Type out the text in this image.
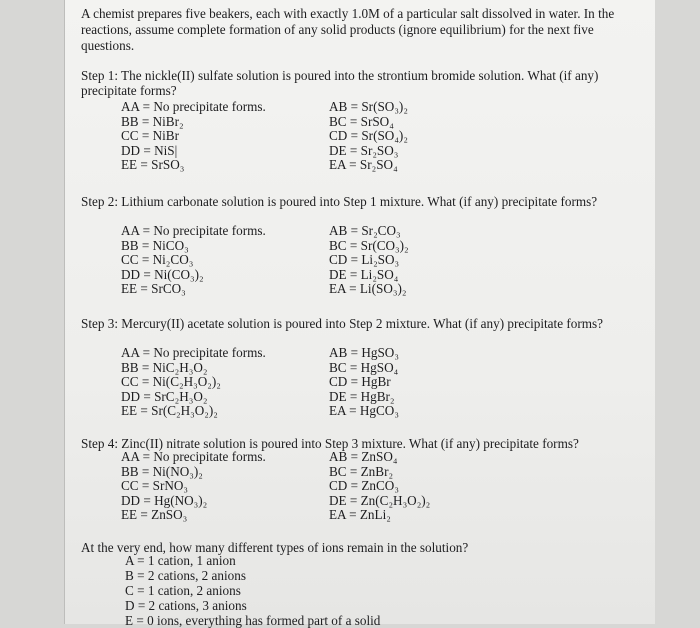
A chemist prepares five beakers, each with exactly 1.0M of a particular salt dissolved in water. In the reactions, assume complete formation of any solid products (ignore equilibrium) for the next five questions.
Step 1: The nickle(II) sulfate solution is poured into the strontium bromide solution. What (if any) precipitate forms?
AA = No precipitate forms.
BB = NiBr₂
CC = NiBr
DD = NiS|
EE = SrSO₃
AB = Sr(SO₃)₂
BC = SrSO₄
CD = Sr(SO₄)₂
DE = Sr₂SO₃
EA = Sr₂SO₄
Step 2: Lithium carbonate solution is poured into Step 1 mixture. What (if any) precipitate forms?
AA = No precipitate forms.
BB = NiCO₃
CC = Ni₂CO₃
DD = Ni(CO₃)₂
EE = SrCO₃
AB = Sr₂CO₃
BC = Sr(CO₃)₂
CD = Li₂SO₃
DE = Li₂SO₄
EA = Li(SO₃)₂
Step 3: Mercury(II) acetate solution is poured into Step 2 mixture. What (if any) precipitate forms?
AA = No precipitate forms.
BB = NiC₂H₃O₂
CC = Ni(C₂H₃O₂)₂
DD = SrC₂H₃O₂
EE = Sr(C₂H₃O₂)₂
AB = HgSO₃
BC = HgSO₄
CD = HgBr
DE = HgBr₂
EA = HgCO₃
Step 4: Zinc(II) nitrate solution is poured into Step 3 mixture. What (if any) precipitate forms?
AA = No precipitate forms.
BB = Ni(NO₃)₂
CC = SrNO₃
DD = Hg(NO₃)₂
EE = ZnSO₃
AB = ZnSO₄
BC = ZnBr₂
CD = ZnCO₃
DE = Zn(C₂H₃O₂)₂
EA = ZnLi₂
At the very end, how many different types of ions remain in the solution?
A = 1 cation, 1 anion
B = 2 cations, 2 anions
C = 1 cation, 2 anions
D = 2 cations, 3 anions
E = 0 ions, everything has formed part of a solid
